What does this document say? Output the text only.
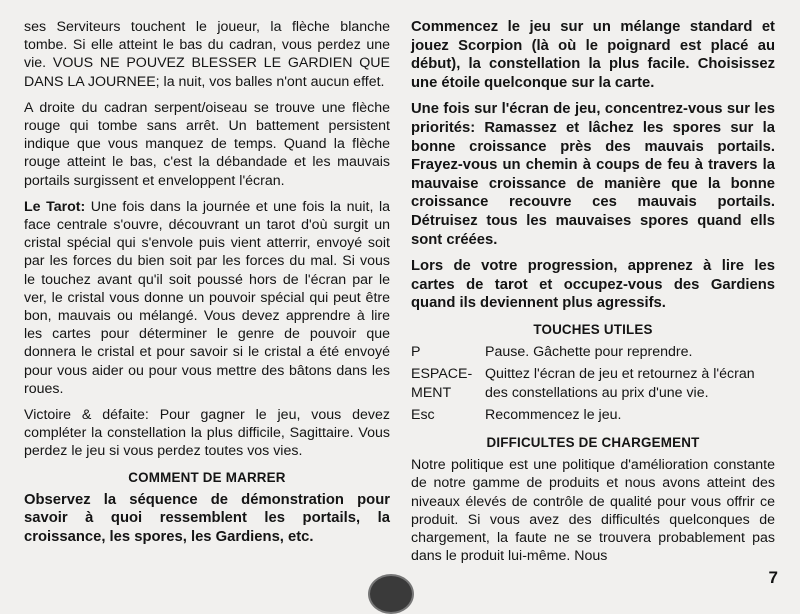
ses Serviteurs touchent le joueur, la flèche blanche tombe. Si elle atteint le bas du cadran, vous perdez une vie. VOUS NE POUVEZ BLESSER LE GARDIEN QUE DANS LA JOURNEE; la nuit, vos balles n'ont aucun effet.

A droite du cadran serpent/oiseau se trouve une flèche rouge qui tombe sans arrêt. Un battement persistent indique que vous manquez de temps. Quand la flèche rouge atteint le bas, c'est la débandade et les mauvais portails surgissent et enveloppent l'écran.

Le Tarot: Une fois dans la journée et une fois la nuit, la face centrale s'ouvre, découvrant un tarot d'où surgit un cristal spécial qui s'envole puis vient atterrir, envoyé soit par les forces du bien soit par les forces du mal. Si vous le touchez avant qu'il soit poussé hors de l'écran par le ver, le cristal vous donne un pouvoir spécial qui peut être bon, mauvais ou mélangé. Vous devez apprendre à lire les cartes pour déterminer le genre de pouvoir que donnera le cristal et pour savoir si le cristal a été envoyé pour vous aider ou pour vous mettre des bâtons dans les roues.

Victoire & défaite: Pour gagner le jeu, vous devez compléter la constellation la plus difficile, Sagittaire. Vous perdez le jeu si vous perdez toutes vos vies.

COMMENT DE MARRER

Observez la séquence de démonstration pour savoir à quoi ressemblent les portails, la croissance, les spores, les Gardiens, etc.

Commencez le jeu sur un mélange standard et jouez Scorpion (là où le poignard est placé au début), la constellation la plus facile. Choisissez une étoile quelconque sur la carte.

Une fois sur l'écran de jeu, concentrez-vous sur les priorités: Ramassez et lâchez les spores sur la bonne croissance près des mauvais portails. Frayez-vous un chemin à coups de feu à travers la mauvaise croissance de manière que la bonne croissance recouvre ces mauvais portails. Détruisez tous les mauvaises spores quand ells sont créées.

Lors de votre progression, apprenez à lire les cartes de tarot et occupez-vous des Gardiens quand ils deviennent plus agressifs.

TOUCHES UTILES
P	Pause. Gâchette pour reprendre.
ESPACE-MENT	Quittez l'écran de jeu et retournez à l'écran des constellations au prix d'une vie.
Esc	Recommencez le jeu.
DIFFICULTES DE CHARGEMENT

Notre politique est une politique d'amélioration constante de notre gamme de produits et nous avons atteint des niveaux élevés de contrôle de qualité pour vous offrir ce produit. Si vous avez des difficultés quelconques de chargement, la faute ne se trouvera probablement pas dans le produit lui-même. Nous

7
